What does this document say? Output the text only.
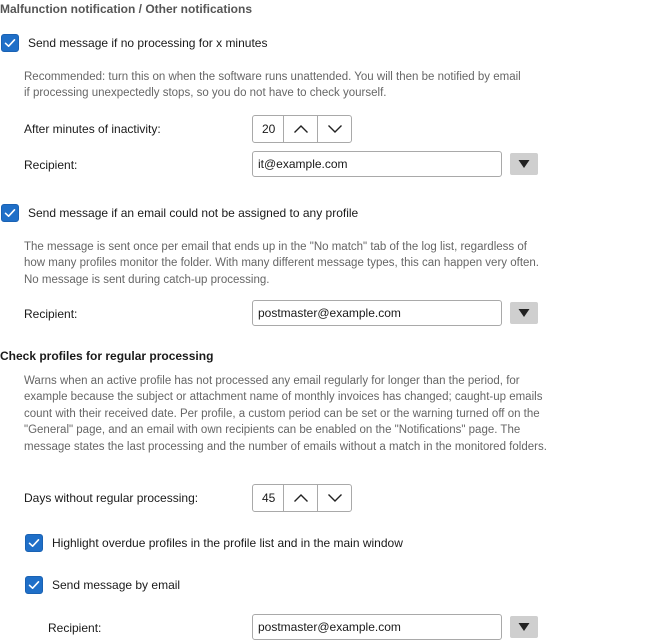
Malfunction notification / Other notifications
Send message if no processing for x minutes
Recommended: turn this on when the software runs unattended. You will then be notified by email if processing unexpectedly stops, so you do not have to check yourself.
After minutes of inactivity:	20
Recipient:	it@example.com
Send message if an email could not be assigned to any profile
The message is sent once per email that ends up in the "No match" tab of the log list, regardless of how many profiles monitor the folder. With many different message types, this can happen very often. No message is sent during catch-up processing.
Recipient:	postmaster@example.com
Check profiles for regular processing
Warns when an active profile has not processed any email regularly for longer than the period, for example because the subject or attachment name of monthly invoices has changed; caught-up emails count with their received date. Per profile, a custom period can be set or the warning turned off on the "General" page, and an email with own recipients can be enabled on the "Notifications" page. The message states the last processing and the number of emails without a match in the monitored folders.
Days without regular processing:	45
Highlight overdue profiles in the profile list and in the main window
Send message by email
Recipient:	postmaster@example.com
